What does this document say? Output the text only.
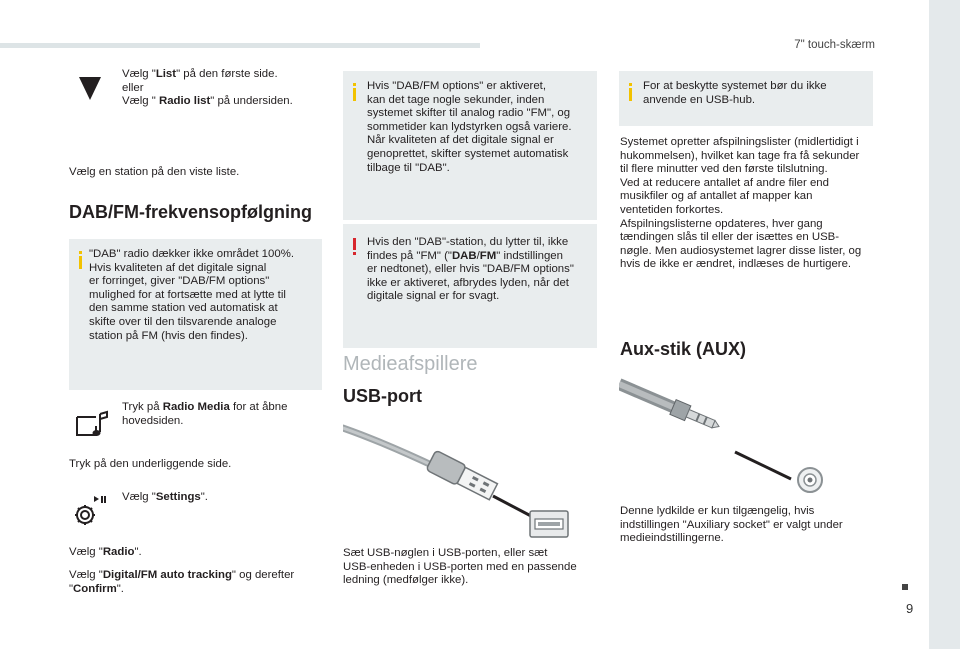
7" touch-skærm
9
Vælg "List" på den første side.
eller
Vælg " Radio list" på undersiden.
Vælg en station på den viste liste.
DAB/FM-frekvensopfølgning
"DAB" radio dækker ikke området 100%.
Hvis kvaliteten af det digitale signal
er forringet, giver "DAB/FM options"
mulighed for at fortsætte med at lytte til
den samme station ved automatisk at
skifte over til den tilsvarende analoge
station på FM (hvis den findes).
Tryk på Radio Media for at åbne
hovedsiden.
Tryk på den underliggende side.
Vælg "Settings".
Vælg "Radio".
Vælg "Digital/FM auto tracking" og derefter
"Confirm".
Hvis "DAB/FM options" er aktiveret,
kan det tage nogle sekunder, inden
systemet skifter til analog radio "FM", og
sommetider kan lydstyrken også variere.
Når kvaliteten af det digitale signal er
genoprettet, skifter systemet automatisk
tilbage til "DAB".
Hvis den "DAB"-station, du lytter til, ikke
findes på "FM" ("DAB/FM" indstillingen
er nedtonet), eller hvis "DAB/FM options"
ikke er aktiveret, afbrydes lyden, når det
digitale signal er for svagt.
Medieafspillere
USB-port
Sæt USB-nøglen i USB-porten, eller sæt
USB-enheden i USB-porten med en passende
ledning (medfølger ikke).
For at beskytte systemet bør du ikke
anvende en USB-hub.
Systemet opretter afspilningslister (midlertidigt i
hukommelsen), hvilket kan tage fra få sekunder
til flere minutter ved den første tilslutning.
Ved at reducere antallet af andre filer end
musikfiler og af antallet af mapper kan
ventetiden forkortes.
Afspilningslisterne opdateres, hver gang
tændingen slås til eller der isættes en USB-
nøgle. Men audiosystemet lagrer disse lister, og
hvis de ikke er ændret, indlæses de hurtigere.
Aux-stik (AUX)
Denne lydkilde er kun tilgængelig, hvis
indstillingen "Auxiliary socket" er valgt under
medieindstillingerne.
